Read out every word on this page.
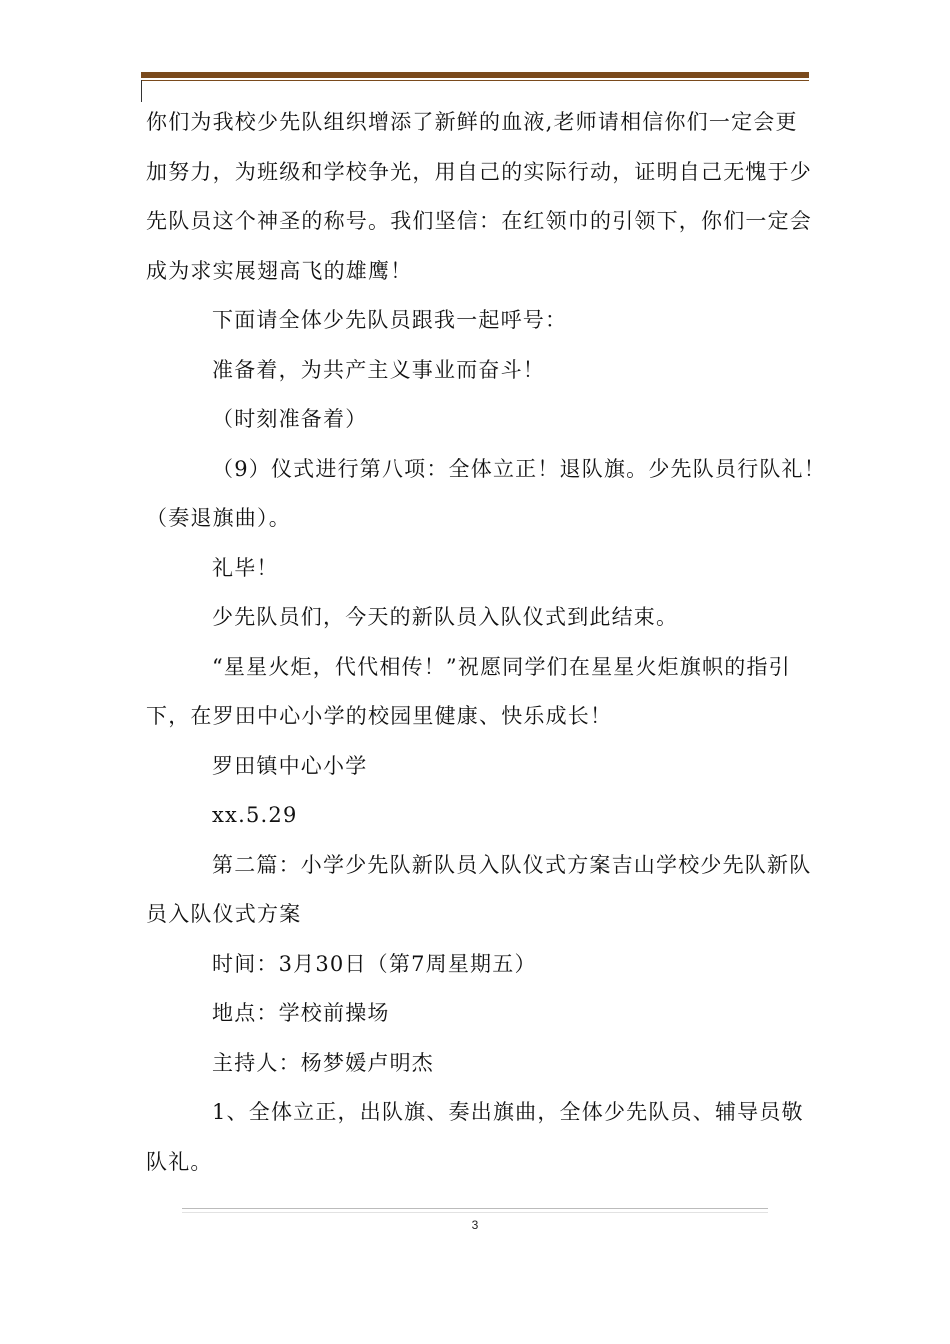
你们为我校少先队组织增添了新鲜的血液,老师请相信你们一定会更
加努力，为班级和学校争光，用自己的实际行动，证明自己无愧于少
先队员这个神圣的称号。我们坚信：在红领巾的引领下，你们一定会
成为求实展翅高飞的雄鹰！
下面请全体少先队员跟我一起呼号：
准备着，为共产主义事业而奋斗！
（时刻准备着）
（9）仪式进行第八项：全体立正！退队旗。少先队员行队礼！
（奏退旗曲）。
礼毕！
少先队员们，今天的新队员入队仪式到此结束。
“星星火炬，代代相传！”祝愿同学们在星星火炬旗帜的指引
下，在罗田中心小学的校园里健康、快乐成长！
罗田镇中心小学
xx.5.29
第二篇：小学少先队新队员入队仪式方案吉山学校少先队新队
员入队仪式方案
时间：3月30日（第7周星期五）
地点：学校前操场
主持人：杨梦媛卢明杰
1、全体立正，出队旗、奏出旗曲，全体少先队员、辅导员敬
队礼。
3
